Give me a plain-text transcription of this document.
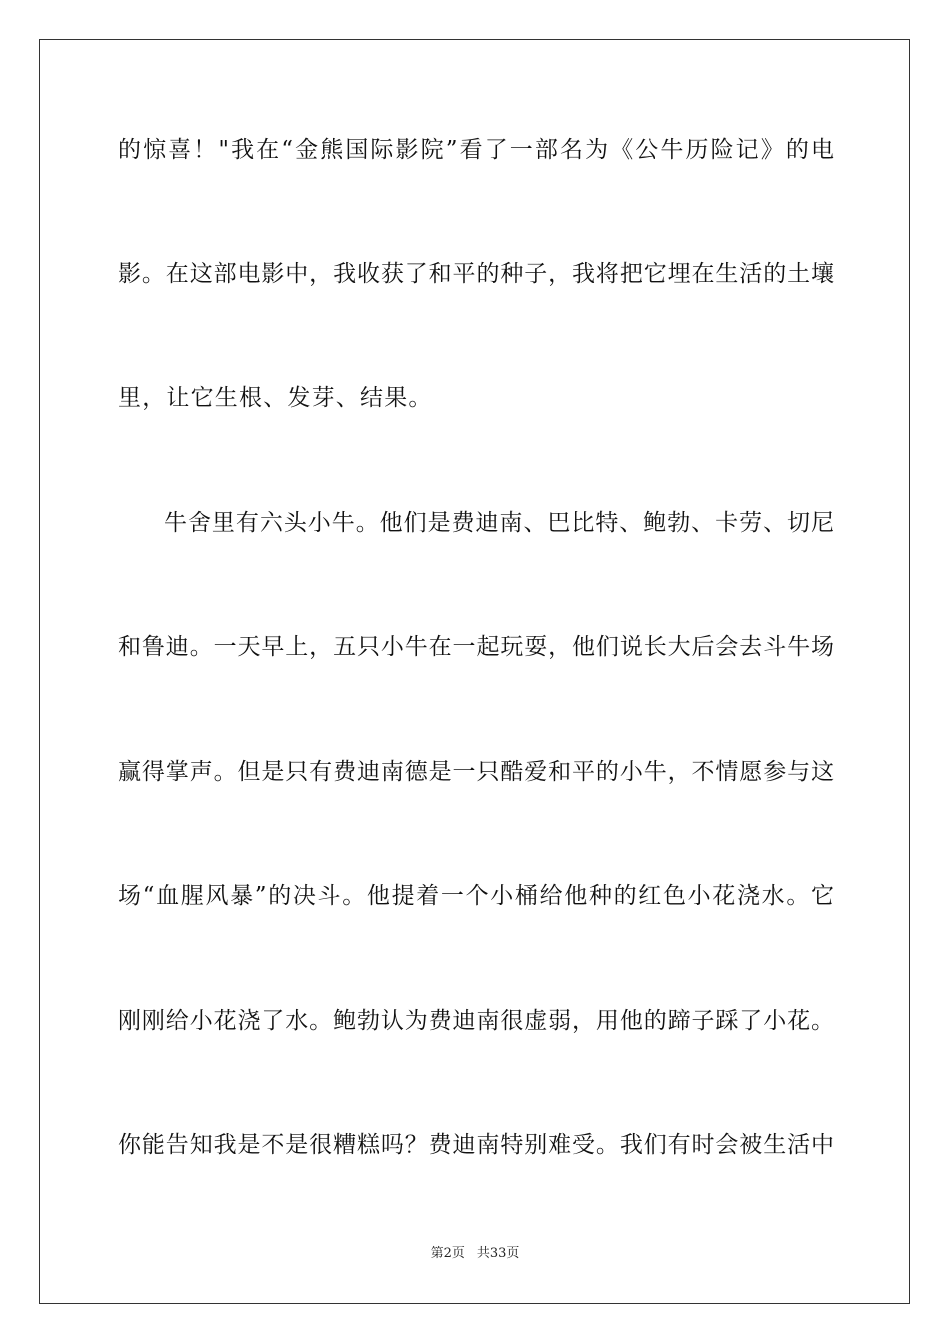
的惊喜！"我在“金熊国际影院”看了一部名为《公牛历险记》的电
影。在这部电影中，我收获了和平的种子，我将把它埋在生活的土壤
里，让它生根、发芽、结果。
牛舍里有六头小牛。他们是费迪南、巴比特、鲍勃、卡劳、切尼
和鲁迪。一天早上，五只小牛在一起玩耍，他们说长大后会去斗牛场
赢得掌声。但是只有费迪南德是一只酷爱和平的小牛，不情愿参与这
场“血腥风暴”的决斗。他提着一个小桶给他种的红色小花浇水。它
刚刚给小花浇了水。鲍勃认为费迪南很虚弱，用他的蹄子踩了小花。
你能告知我是不是很糟糕吗？费迪南特别难受。我们有时会被生活中
第2页 共33页
